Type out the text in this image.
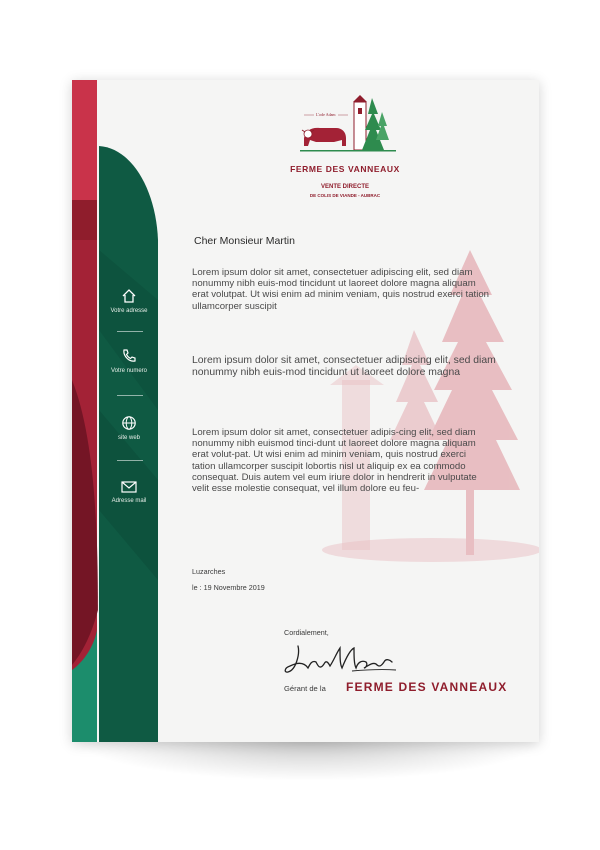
Votre adresse
Votre numero
site web
Adresse mail
L'ode Adam
FERME DES VANNEAUX
VENTE DIRECTE
DE COLIS DE VIANDE - AUBRAC
Cher Monsieur Martin
Lorem ipsum dolor sit amet, consectetuer adipiscing elit, sed diam nonummy nibh euis-mod tincidunt ut laoreet dolore magna aliquam erat volutpat. Ut wisi enim ad minim veniam, quis nostrud exerci tation ullamcorper suscipit
Lorem ipsum dolor sit amet, consectetuer adipiscing elit, sed diam nonummy nibh euis-mod tincidunt ut laoreet dolore magna
Lorem ipsum dolor sit amet, consectetuer adipis-cing elit, sed diam nonummy nibh euismod tinci-dunt ut laoreet dolore magna aliquam erat volut-pat. Ut wisi enim ad minim veniam, quis nostrud exerci tation ullamcorper suscipit lobortis nisl ut aliquip ex ea commodo consequat. Duis autem vel eum iriure dolor in hendrerit in vulputate velit esse molestie consequat, vel illum dolore eu feu-
Luzarches
le : 19 Novembre 2019
Cordialement,
Gérant de la FERME DES VANNEAUX
